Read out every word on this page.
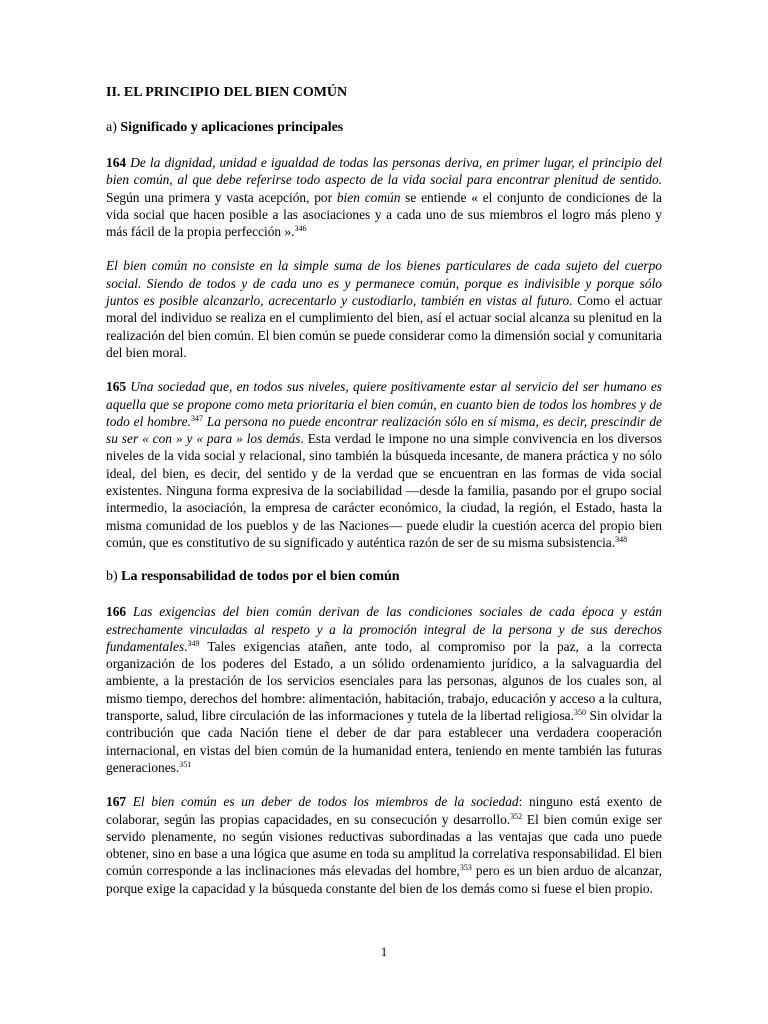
II. EL PRINCIPIO DEL BIEN COMÚN
a) Significado y aplicaciones principales

164 De la dignidad, unidad e igualdad de todas las personas deriva, en primer lugar, el principio del bien común, al que debe referirse todo aspecto de la vida social para encontrar plenitud de sentido. Según una primera y vasta acepción, por bien común se entiende « el conjunto de condiciones de la vida social que hacen posible a las asociaciones y a cada uno de sus miembros el logro más pleno y más fácil de la propia perfección ».$^{346}$

El bien común no consiste en la simple suma de los bienes particulares de cada sujeto del cuerpo social. Siendo de todos y de cada uno es y permanece común, porque es indivisible y porque sólo juntos es posible alcanzarlo, acrecentarlo y custodiarlo, también en vistas al futuro. Como el actuar moral del individuo se realiza en el cumplimiento del bien, así el actuar social alcanza su plenitud en la realización del bien común. El bien común se puede considerar como la dimensión social y comunitaria del bien moral.

165 Una sociedad que, en todos sus niveles, quiere positivamente estar al servicio del ser humano es aquella que se propone como meta prioritaria el bien común, en cuanto bien de todos los hombres y de todo el hombre.$^{347}$ La persona no puede encontrar realización sólo en sí misma, es decir, prescindir de su ser « con » y « para » los demás. Esta verdad le impone no una simple convivencia en los diversos niveles de la vida social y relacional, sino también la búsqueda incesante, de manera práctica y no sólo ideal, del bien, es decir, del sentido y de la verdad que se encuentran en las formas de vida social existentes. Ninguna forma expresiva de la sociabilidad —desde la familia, pasando por el grupo social intermedio, la asociación, la empresa de carácter económico, la ciudad, la región, el Estado, hasta la misma comunidad de los pueblos y de las Naciones— puede eludir la cuestión acerca del propio bien común, que es constitutivo de su significado y auténtica razón de ser de su misma subsistencia.$^{348}$

b) La responsabilidad de todos por el bien común

166 Las exigencias del bien común derivan de las condiciones sociales de cada época y están estrechamente vinculadas al respeto y a la promoción integral de la persona y de sus derechos fundamentales.$^{349}$ Tales exigencias atañen, ante todo, al compromiso por la paz, a la correcta organización de los poderes del Estado, a un sólido ordenamiento jurídico, a la salvaguardia del ambiente, a la prestación de los servicios esenciales para las personas, algunos de los cuales son, al mismo tiempo, derechos del hombre: alimentación, habitación, trabajo, educación y acceso a la cultura, transporte, salud, libre circulación de las informaciones y tutela de la libertad religiosa.$^{350}$ Sin olvidar la contribución que cada Nación tiene el deber de dar para establecer una verdadera cooperación internacional, en vistas del bien común de la humanidad entera, teniendo en mente también las futuras generaciones.$^{351}$

167 El bien común es un deber de todos los miembros de la sociedad: ninguno está exento de colaborar, según las propias capacidades, en su consecución y desarrollo.$^{352}$ El bien común exige ser servido plenamente, no según visiones reductivas subordinadas a las ventajas que cada uno puede obtener, sino en base a una lógica que asume en toda su amplitud la correlativa responsabilidad. El bien común corresponde a las inclinaciones más elevadas del hombre,$^{353}$ pero es un bien arduo de alcanzar, porque exige la capacidad y la búsqueda constante del bien de los demás como si fuese el bien propio.

1
